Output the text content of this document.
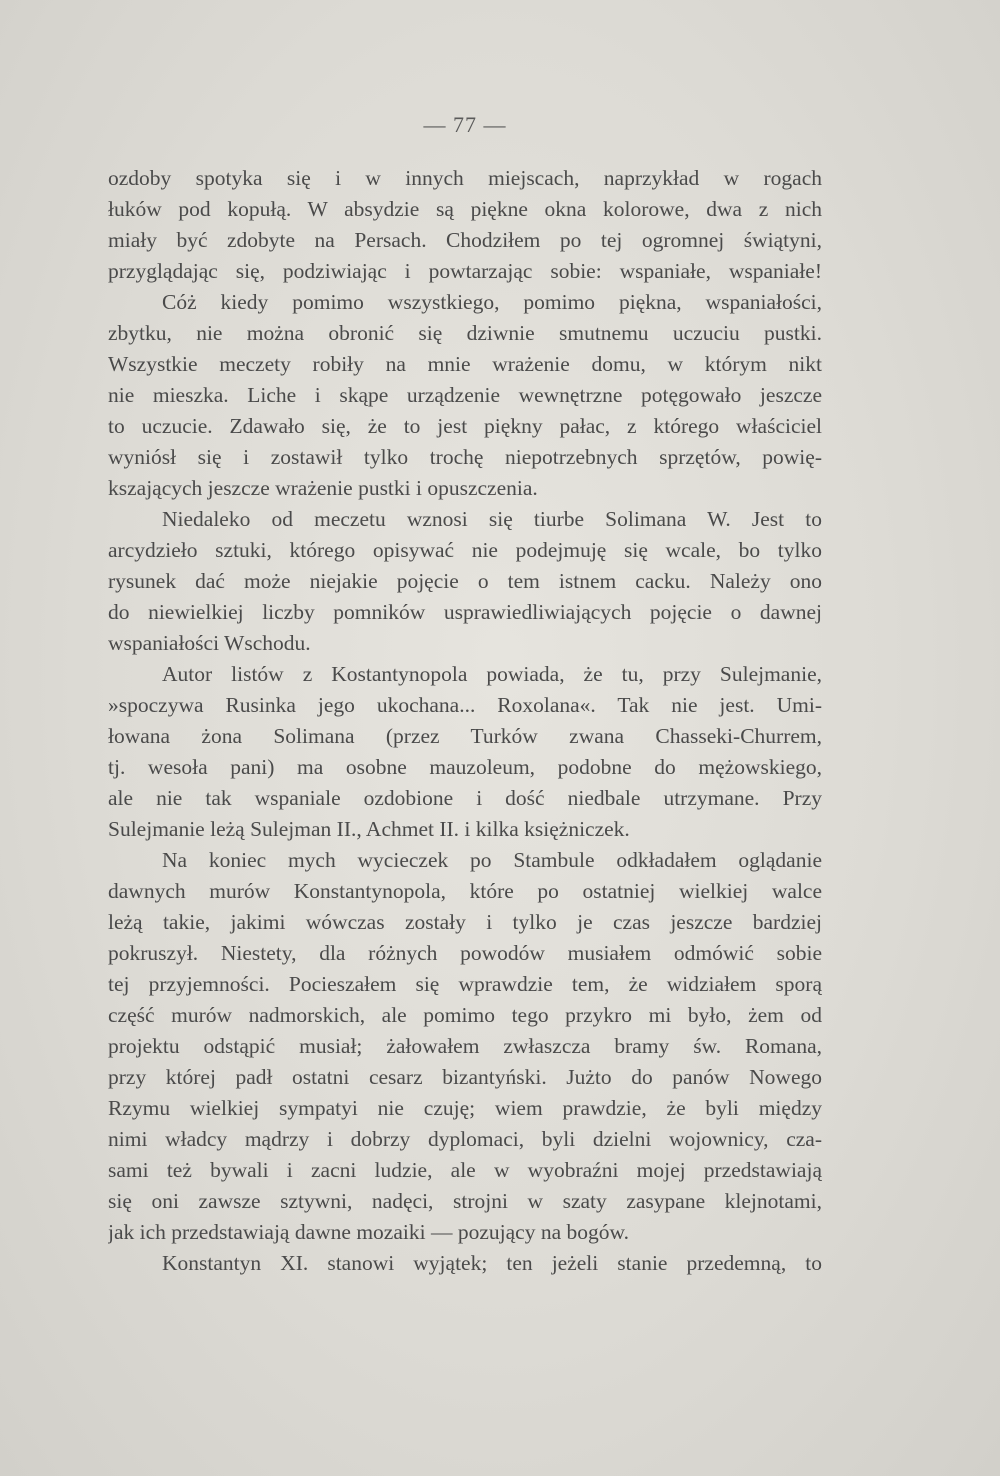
— 77 —
ozdoby spotyka się i w innych miejscach, naprzykład w rogach
łuków pod kopułą. W absydzie są piękne okna kolorowe, dwa z nich
miały być zdobyte na Persach. Chodziłem po tej ogromnej świątyni,
przyglądając się, podziwiając i powtarzając sobie: wspaniałe, wspaniałe!
Cóż kiedy pomimo wszystkiego, pomimo piękna, wspaniałości,
zbytku, nie można obronić się dziwnie smutnemu uczuciu pustki.
Wszystkie meczety robiły na mnie wrażenie domu, w którym nikt
nie mieszka. Liche i skąpe urządzenie wewnętrzne potęgowało jeszcze
to uczucie. Zdawało się, że to jest piękny pałac, z którego właściciel
wyniósł się i zostawił tylko trochę niepotrzebnych sprzętów, powię-
kszających jeszcze wrażenie pustki i opuszczenia.
Niedaleko od meczetu wznosi się tiurbe Solimana W. Jest to
arcydzieło sztuki, którego opisywać nie podejmuję się wcale, bo tylko
rysunek dać może niejakie pojęcie o tem istnem cacku. Należy ono
do niewielkiej liczby pomników usprawiedliwiających pojęcie o dawnej
wspaniałości Wschodu.
Autor listów z Kostantynopola powiada, że tu, przy Sulejmanie,
»spoczywa Rusinka jego ukochana... Roxolana«. Tak nie jest. Umi-
łowana żona Solimana (przez Turków zwana Chasseki-Churrem,
tj. wesoła pani) ma osobne mauzoleum, podobne do mężowskiego,
ale nie tak wspaniale ozdobione i dość niedbale utrzymane. Przy
Sulejmanie leżą Sulejman II., Achmet II. i kilka księżniczek.
Na koniec mych wycieczek po Stambule odkładałem oglądanie
dawnych murów Konstantynopola, które po ostatniej wielkiej walce
leżą takie, jakimi wówczas zostały i tylko je czas jeszcze bardziej
pokruszył. Niestety, dla różnych powodów musiałem odmówić sobie
tej przyjemności. Pocieszałem się wprawdzie tem, że widziałem sporą
część murów nadmorskich, ale pomimo tego przykro mi było, żem od
projektu odstąpić musiał; żałowałem zwłaszcza bramy św. Romana,
przy której padł ostatni cesarz bizantyński. Jużto do panów Nowego
Rzymu wielkiej sympatyi nie czuję; wiem prawdzie, że byli między
nimi władcy mądrzy i dobrzy dyplomaci, byli dzielni wojownicy, cza-
sami też bywali i zacni ludzie, ale w wyobraźni mojej przedstawiają
się oni zawsze sztywni, nadęci, strojni w szaty zasypane klejnotami,
jak ich przedstawiają dawne mozaiki — pozujący na bogów.
Konstantyn XI. stanowi wyjątek; ten jeżeli stanie przedemną, to
